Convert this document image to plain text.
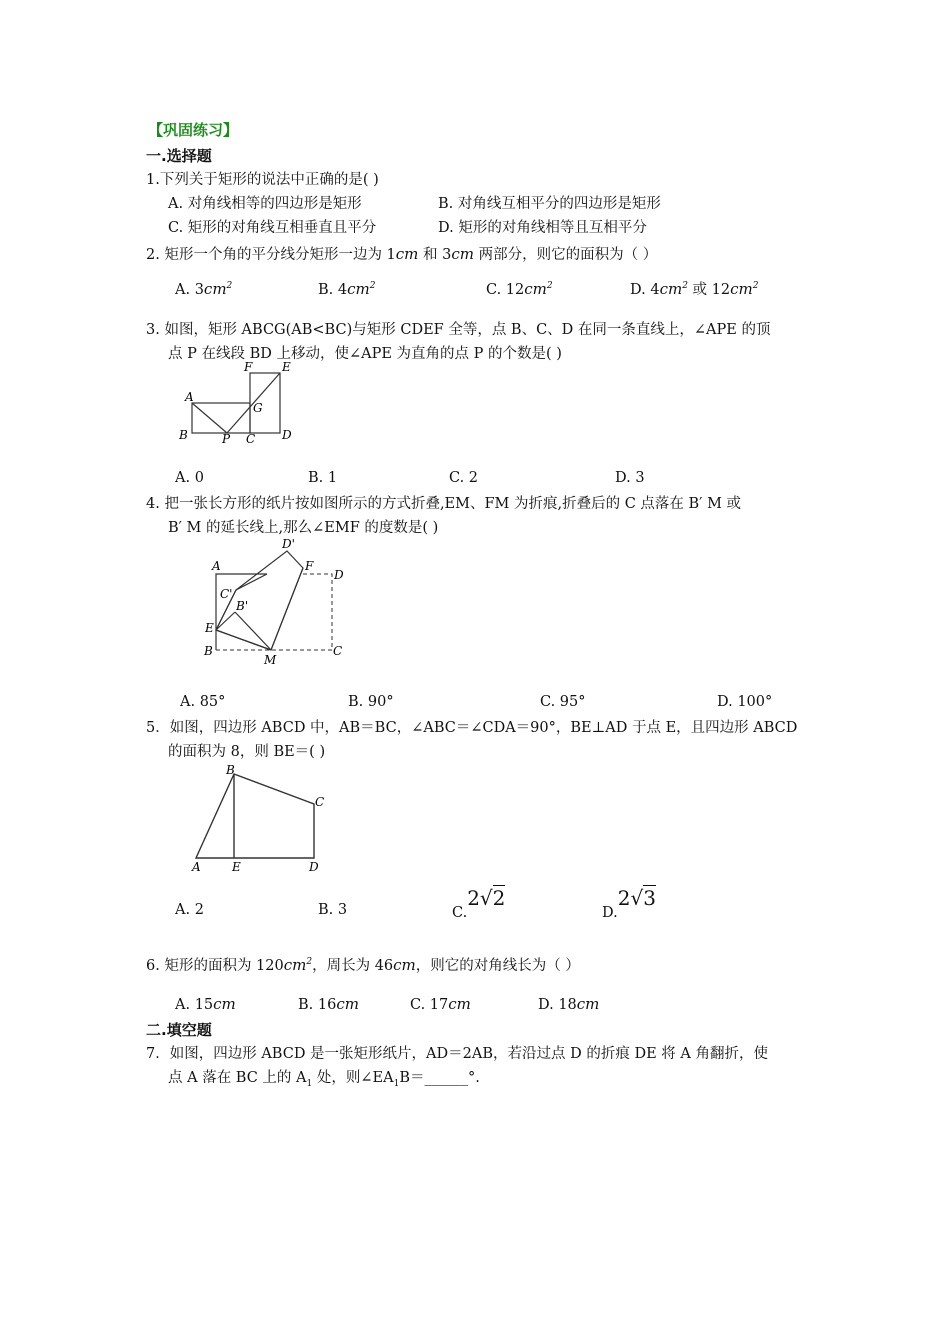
【巩固练习】
一.选择题
1.下列关于矩形的说法中正确的是( )
A. 对角线相等的四边形是矩形	B. 对角线互相平分的四边形是矩形
C. 矩形的对角线互相垂直且平分	D. 矩形的对角线相等且互相平分
2. 矩形一个角的平分线分矩形一边为 1cm 和 3cm 两部分，则它的面积为（ ）
A. $3cm^2$	B. $4cm^2$	C. $12cm^2$	D. $4cm^2$ 或 $12cm^2$
3. 如图，矩形 ABCG(AB<BC)与矩形 CDEF 全等，点 B、C、D 在同一条直线上，∠APE 的顶
点 P 在线段 BD 上移动，使∠APE 为直角的点 P 的个数是( )
F E
A
G
B	P C D
A. 0	B. 1	C. 2	D. 3
4. 把一张长方形的纸片按如图所示的方式折叠,EM、FM 为折痕,折叠后的 C 点落在 B′ M 或
B′ M 的延长线上,那么∠EMF 的度数是( )
D'
A	F
D
C'
B'
E
B
M
C
A. 85°	B. 90°	C. 95°	D. 100°
5．如图，四边形 ABCD 中，AB＝BC，∠ABC＝∠CDA＝90°，BE⊥AD 于点 E，且四边形 ABCD
的面积为 8，则 BE＝( )
B
C
A	E	D
A. 2	B. 3	C.2√2
D.2√3
6. 矩形的面积为 $120cm^2$，周长为 46cm，则它的对角线长为（ ）
A. 15cm	B. 16cm	C. 17cm	D. 18cm
二.填空题
7．如图，四边形 ABCD 是一张矩形纸片，AD＝2AB，若沿过点 D 的折痕 DE 将 A 角翻折，使
点 A 落在 BC 上的 $A_1$ 处，则$\angle EA_1B=\_\_\_\_\_\_^\circ$.
